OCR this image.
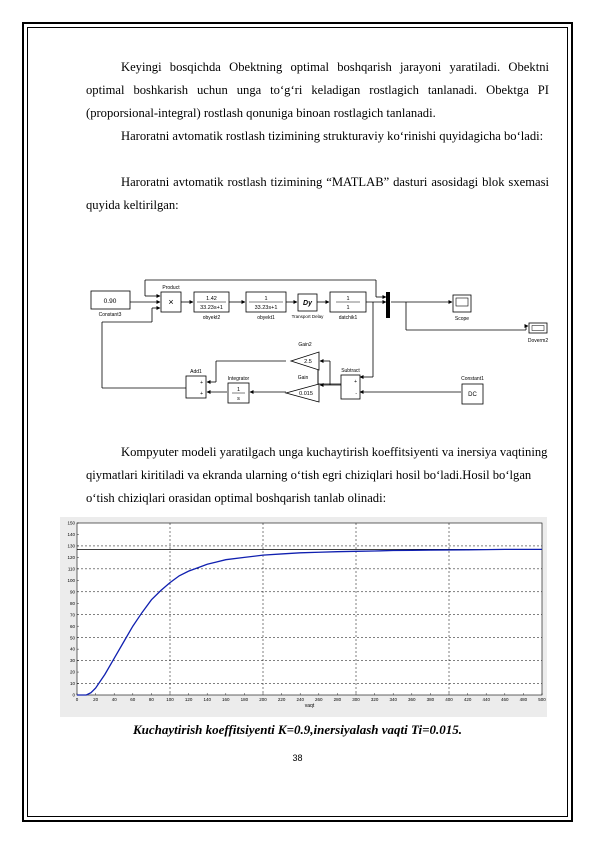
Keyingi bosqichda Obektning optimal boshqarish jarayoni yaratiladi. Obektni optimal boshkarish uchun unga to‘g‘ri keladigan rostlagich tanlanadi. Obektga PI (proporsional-integral) rostlash qonuniga binoan rostlagich tanlanadi.

Haroratni avtomatik rostlash tizimining strukturaviy ko‘rinishi quyidagicha bo‘ladi:

Haroratni avtomatik rostlash tizimining “MATLAB” dasturi asosidagi blok sxemasi quyida keltirilgan:

0.90
Constant3
×
Product
1.42
33.23s+1
obyekt2
1
33.23s+1
obyekt1
Dy
Transport Delay
1
1
datchik1	Scope
Doverm2
2.5
Gain2
0.015
Gain
1
s
Integrator
+
+
Add1
+
-
Subtract
DC
Constant1

Kompyuter modeli yaratilgach unga kuchaytirish koeffitsiyenti va inersiya vaqtining qiymatlari kiritiladi va ekranda ularning o‘tish egri chiziqlari hosil bo‘ladi.Hosil bo‘lgan o‘tish chiziqlari orasidan optimal boshqarish tanlab olinadi:

0	20	40	60	80	100 120 140 160 180 200 220 240 260 280 300 320 340 360 380 400 420 440 460 480 500
0
10
20
30
40
50
60
70
80
90
100
110
120
130
140
150
vaqt
Kuchaytirish koeffitsiyenti K=0.9,inersiyalash vaqti Ti=0.015.
38
